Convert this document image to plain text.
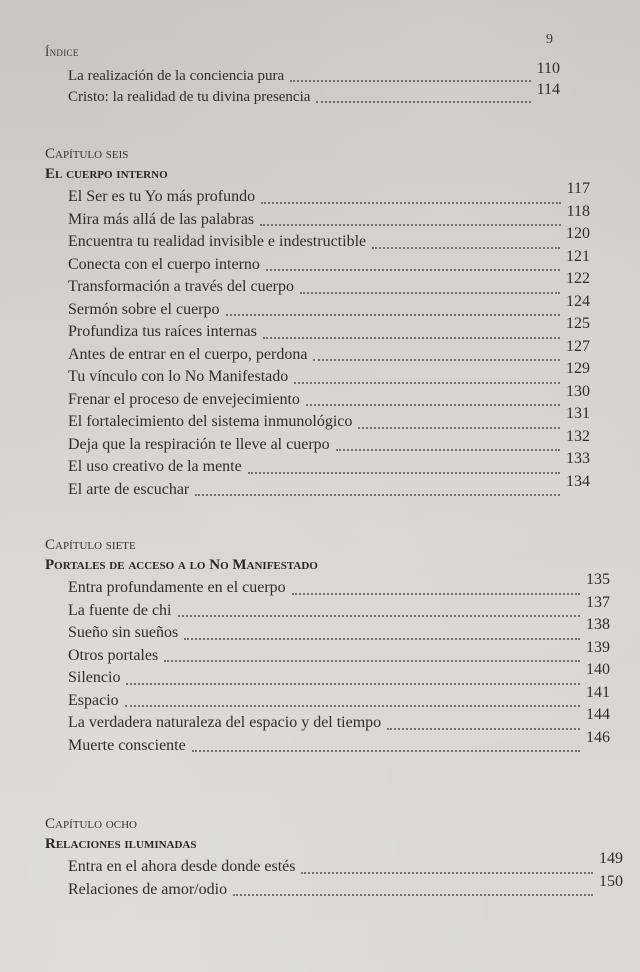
Índice
9
La realización de la conciencia pura	110
Cristo: la realidad de tu divina presencia	114
Capítulo seis
El cuerpo interno
El Ser es tu Yo más profundo	117
Mira más allá de las palabras	118
Encuentra tu realidad invisible e indestructible	120
Conecta con el cuerpo interno	121
Transformación a través del cuerpo	122
Sermón sobre el cuerpo	124
Profundiza tus raíces internas	125
Antes de entrar en el cuerpo, perdona	127
Tu vínculo con lo No Manifestado	129
Frenar el proceso de envejecimiento	130
El fortalecimiento del sistema inmunológico	131
Deja que la respiración te lleve al cuerpo	132
El uso creativo de la mente	133
El arte de escuchar	134
Capítulo siete
Portales de acceso a lo No Manifestado
Entra profundamente en el cuerpo	135
La fuente de chi	137
Sueño sin sueños	138
Otros portales	139
Silencio	140
Espacio	141
La verdadera naturaleza del espacio y del tiempo	144
Muerte consciente	146
Capítulo ocho
Relaciones iluminadas
Entra en el ahora desde donde estés	149
Relaciones de amor/odio	150
